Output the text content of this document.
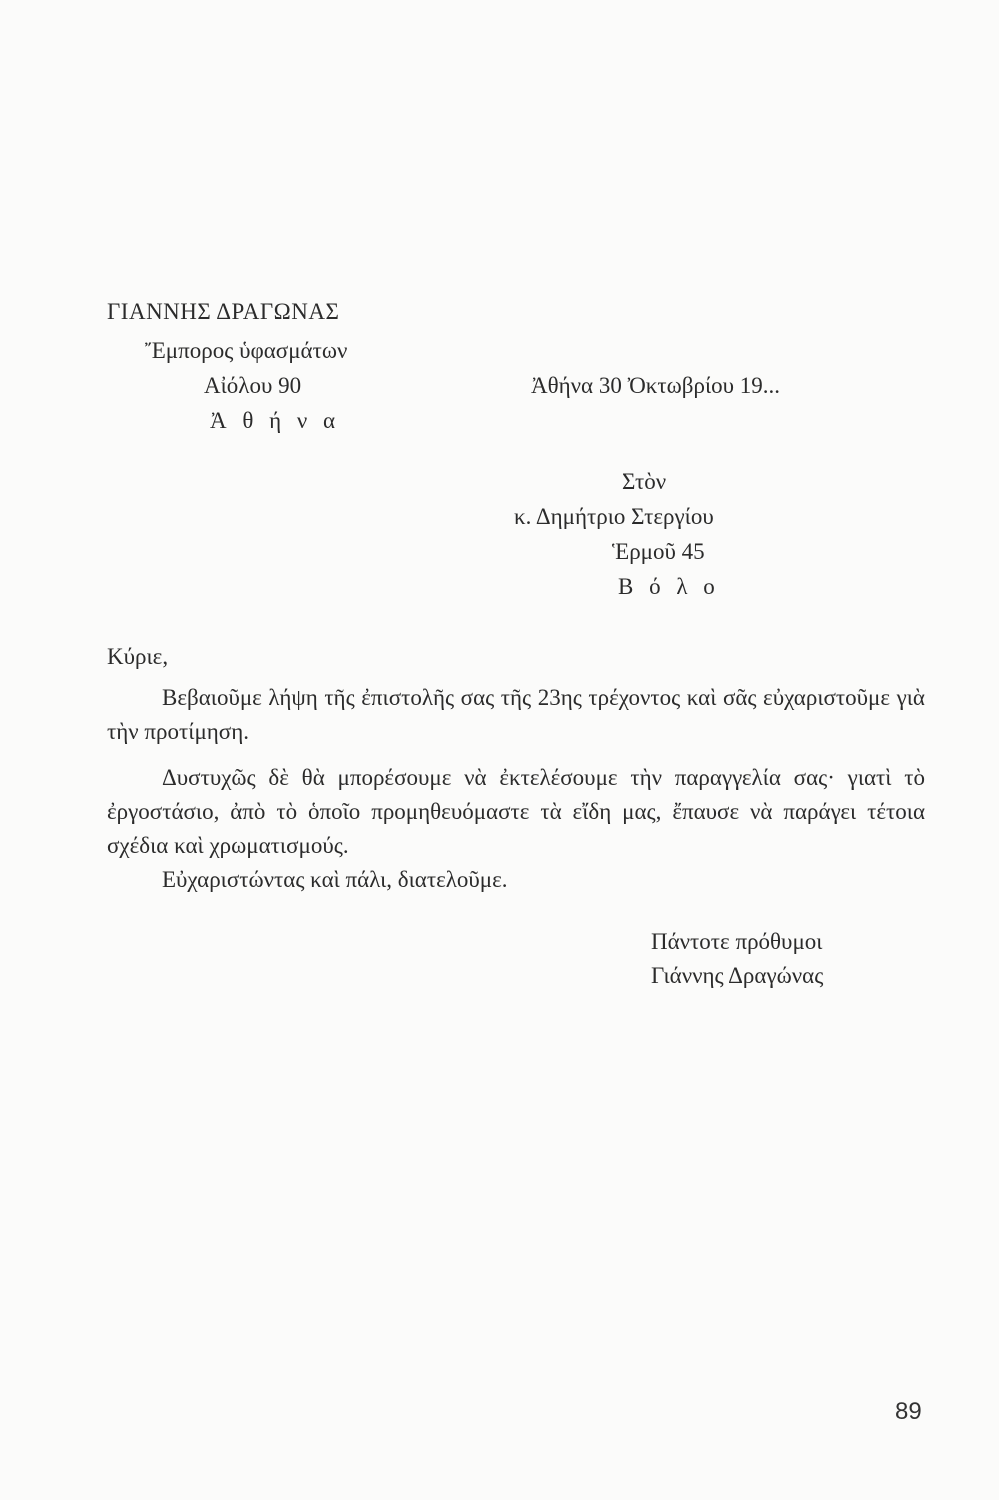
ΓΙΑΝΝΗΣ ΔΡΑΓΩΝΑΣ
Ἔμπορος ὑφασμάτων
Αἰόλου 90
Ἀ θ ή ν α
Ἀθήνα 30 Ὀκτωβρίου 19...
Στὸν
κ. Δημήτριο Στεργίου
Ἑρμοῦ 45
Β ό λ ο
Κύριε,

Βεβαιοῦμε λήψη τῆς ἐπιστολῆς σας τῆς 23ης τρέχοντος καὶ σᾶς εὐχαριστοῦμε γιὰ τὴν προτίμηση.

Δυστυχῶς δὲ θὰ μπορέσουμε νὰ ἐκτελέσουμε τὴν παραγγελία σας· γιατὶ τὸ ἐργοστάσιο, ἀπὸ τὸ ὁποῖο προμηθευόμαστε τὰ εἴδη μας, ἔπαυσε νὰ παράγει τέτοια σχέδια καὶ χρωματισμούς.

Εὐχαριστώντας καὶ πάλι, διατελοῦμε.

Πάντοτε πρόθυμοι
Γιάννης Δραγώνας
89
